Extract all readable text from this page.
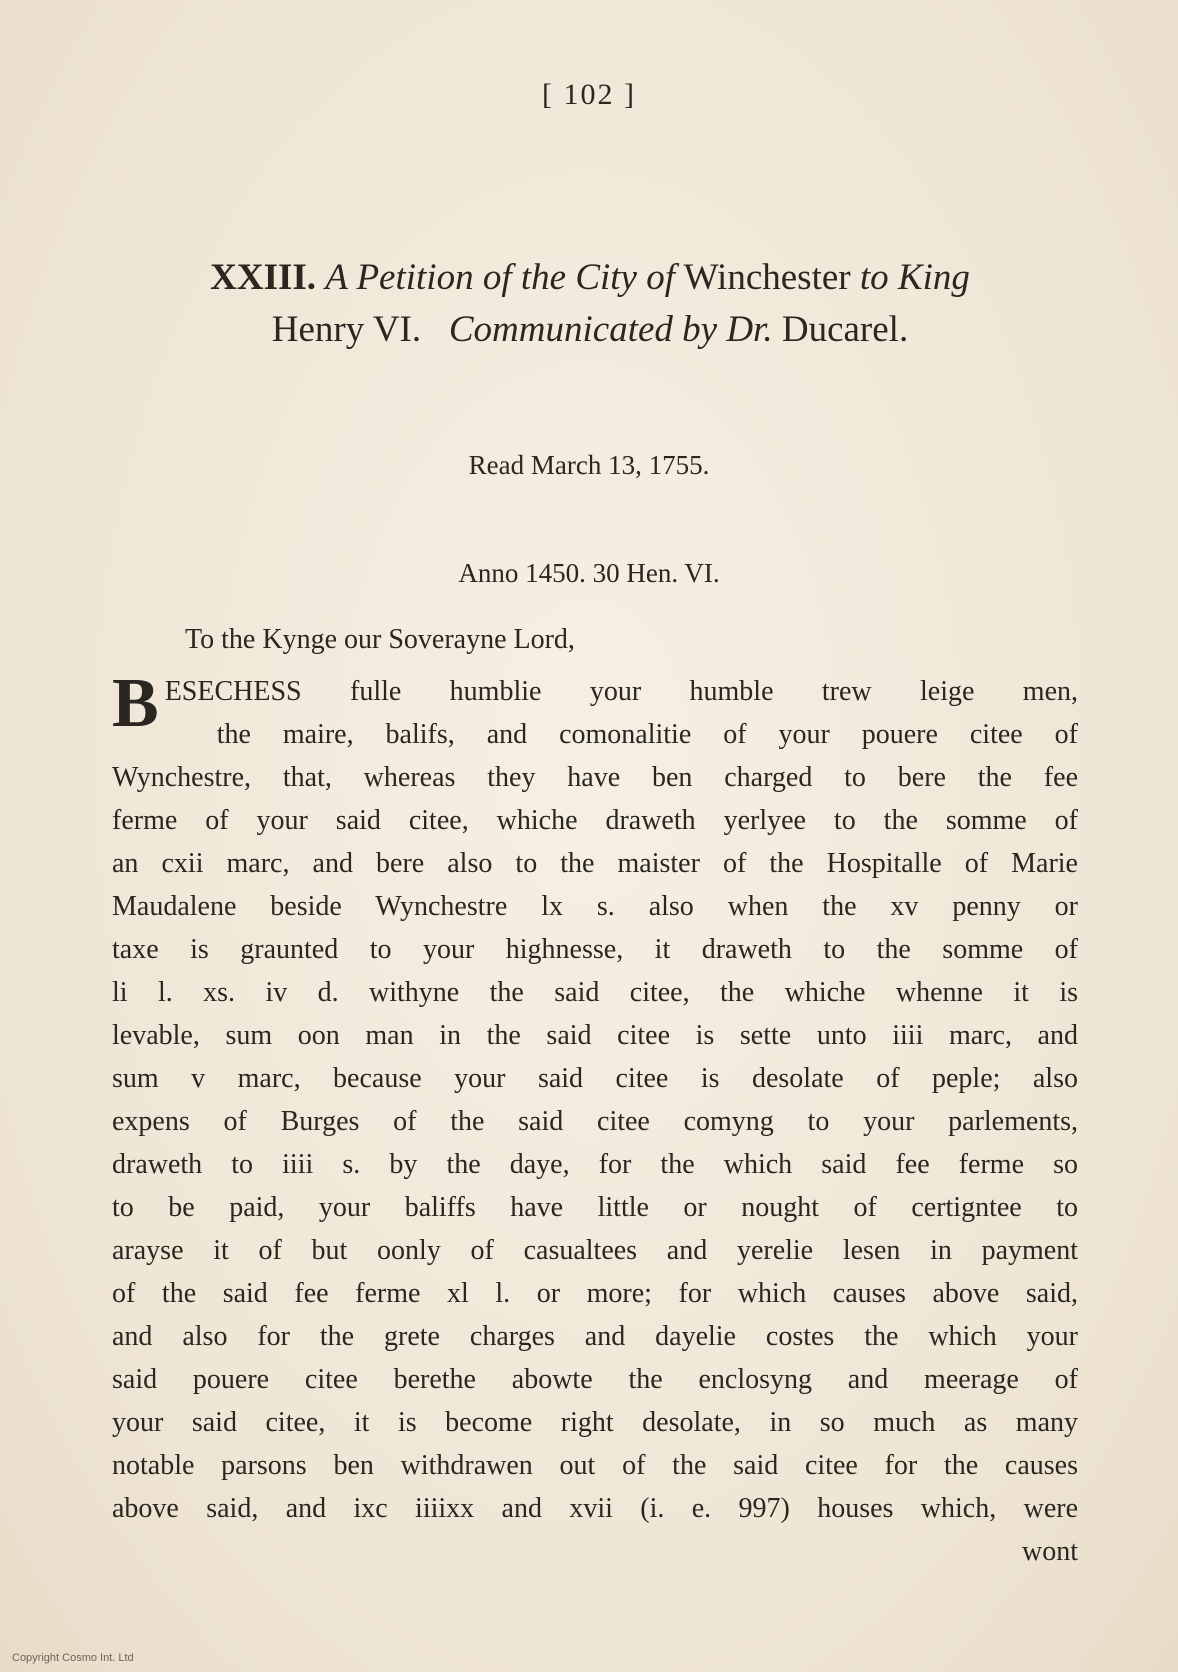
[ 102 ]
XXIII. A Petition of the City of Winchester to King
Henry VI. Communicated by Dr. Ducarel.
Read March 13, 1755.
Anno 1450. 30 Hen. VI.
To the Kynge our Soverayne Lord,
B ESECHESS fulle humblie your humble trew leige men,
the maire, balifs, and comonalitie of your pouere citee of
Wynchestre, that, whereas they have ben charged to bere the fee
ferme of your said citee, whiche draweth yerlyee to the somme of
an cxii marc, and bere also to the maister of the Hospitalle of Marie
Maudalene beside Wynchestre lx s. also when the xv penny or
taxe is graunted to your highnesse, it draweth to the somme of
li l. xs. iv d. withyne the said citee, the whiche whenne it is
levable, sum oon man in the said citee is sette unto iiii marc, and
sum v marc, because your said citee is desolate of peple; also
expens of Burges of the said citee comyng to your parlements,
draweth to iiii s. by the daye, for the which said fee ferme so
to be paid, your baliffs have little or nought of certigntee to
arayse it of but oonly of casualtees and yerelie lesen in payment
of the said fee ferme xl l. or more; for which causes above said,
and also for the grete charges and dayelie costes the which your
said pouere citee berethe abowte the enclosyng and meerage of
your said citee, it is become right desolate, in so much as many
notable parsons ben withdrawen out of the said citee for the causes
above said, and ixc iiiixx and xvii (i. e. 997) houses which, were
wont
Copyright Cosmo Int. Ltd
